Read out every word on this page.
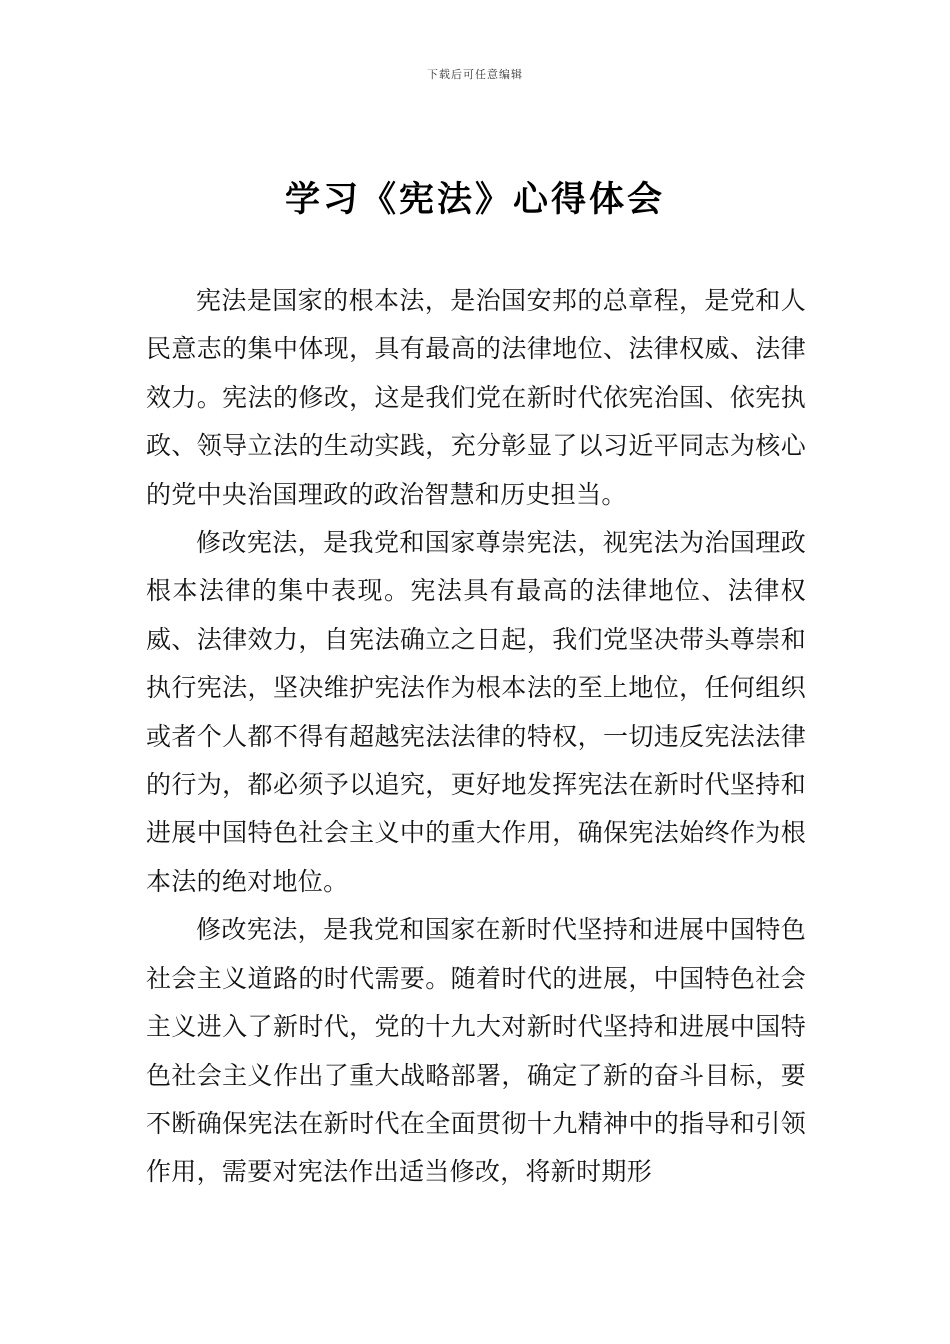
下载后可任意编辑
学习《宪法》心得体会

宪法是国家的根本法，是治国安邦的总章程，是党和人民意志的集中体现，具有最高的法律地位、法律权威、法律效力。宪法的修改，这是我们党在新时代依宪治国、依宪执政、领导立法的生动实践，充分彰显了以习近平同志为核心的党中央治国理政的政治智慧和历史担当。

修改宪法，是我党和国家尊崇宪法，视宪法为治国理政根本法律的集中表现。宪法具有最高的法律地位、法律权威、法律效力，自宪法确立之日起，我们党坚决带头尊崇和执行宪法，坚决维护宪法作为根本法的至上地位，任何组织或者个人都不得有超越宪法法律的特权，一切违反宪法法律的行为，都必须予以追究，更好地发挥宪法在新时代坚持和进展中国特色社会主义中的重大作用，确保宪法始终作为根本法的绝对地位。

修改宪法，是我党和国家在新时代坚持和进展中国特色社会主义道路的时代需要。随着时代的进展，中国特色社会主义进入了新时代，党的十九大对新时代坚持和进展中国特色社会主义作出了重大战略部署，确定了新的奋斗目标，要不断确保宪法在新时代在全面贯彻十九精神中的指导和引领作用，需要对宪法作出适当修改，将新时期形
